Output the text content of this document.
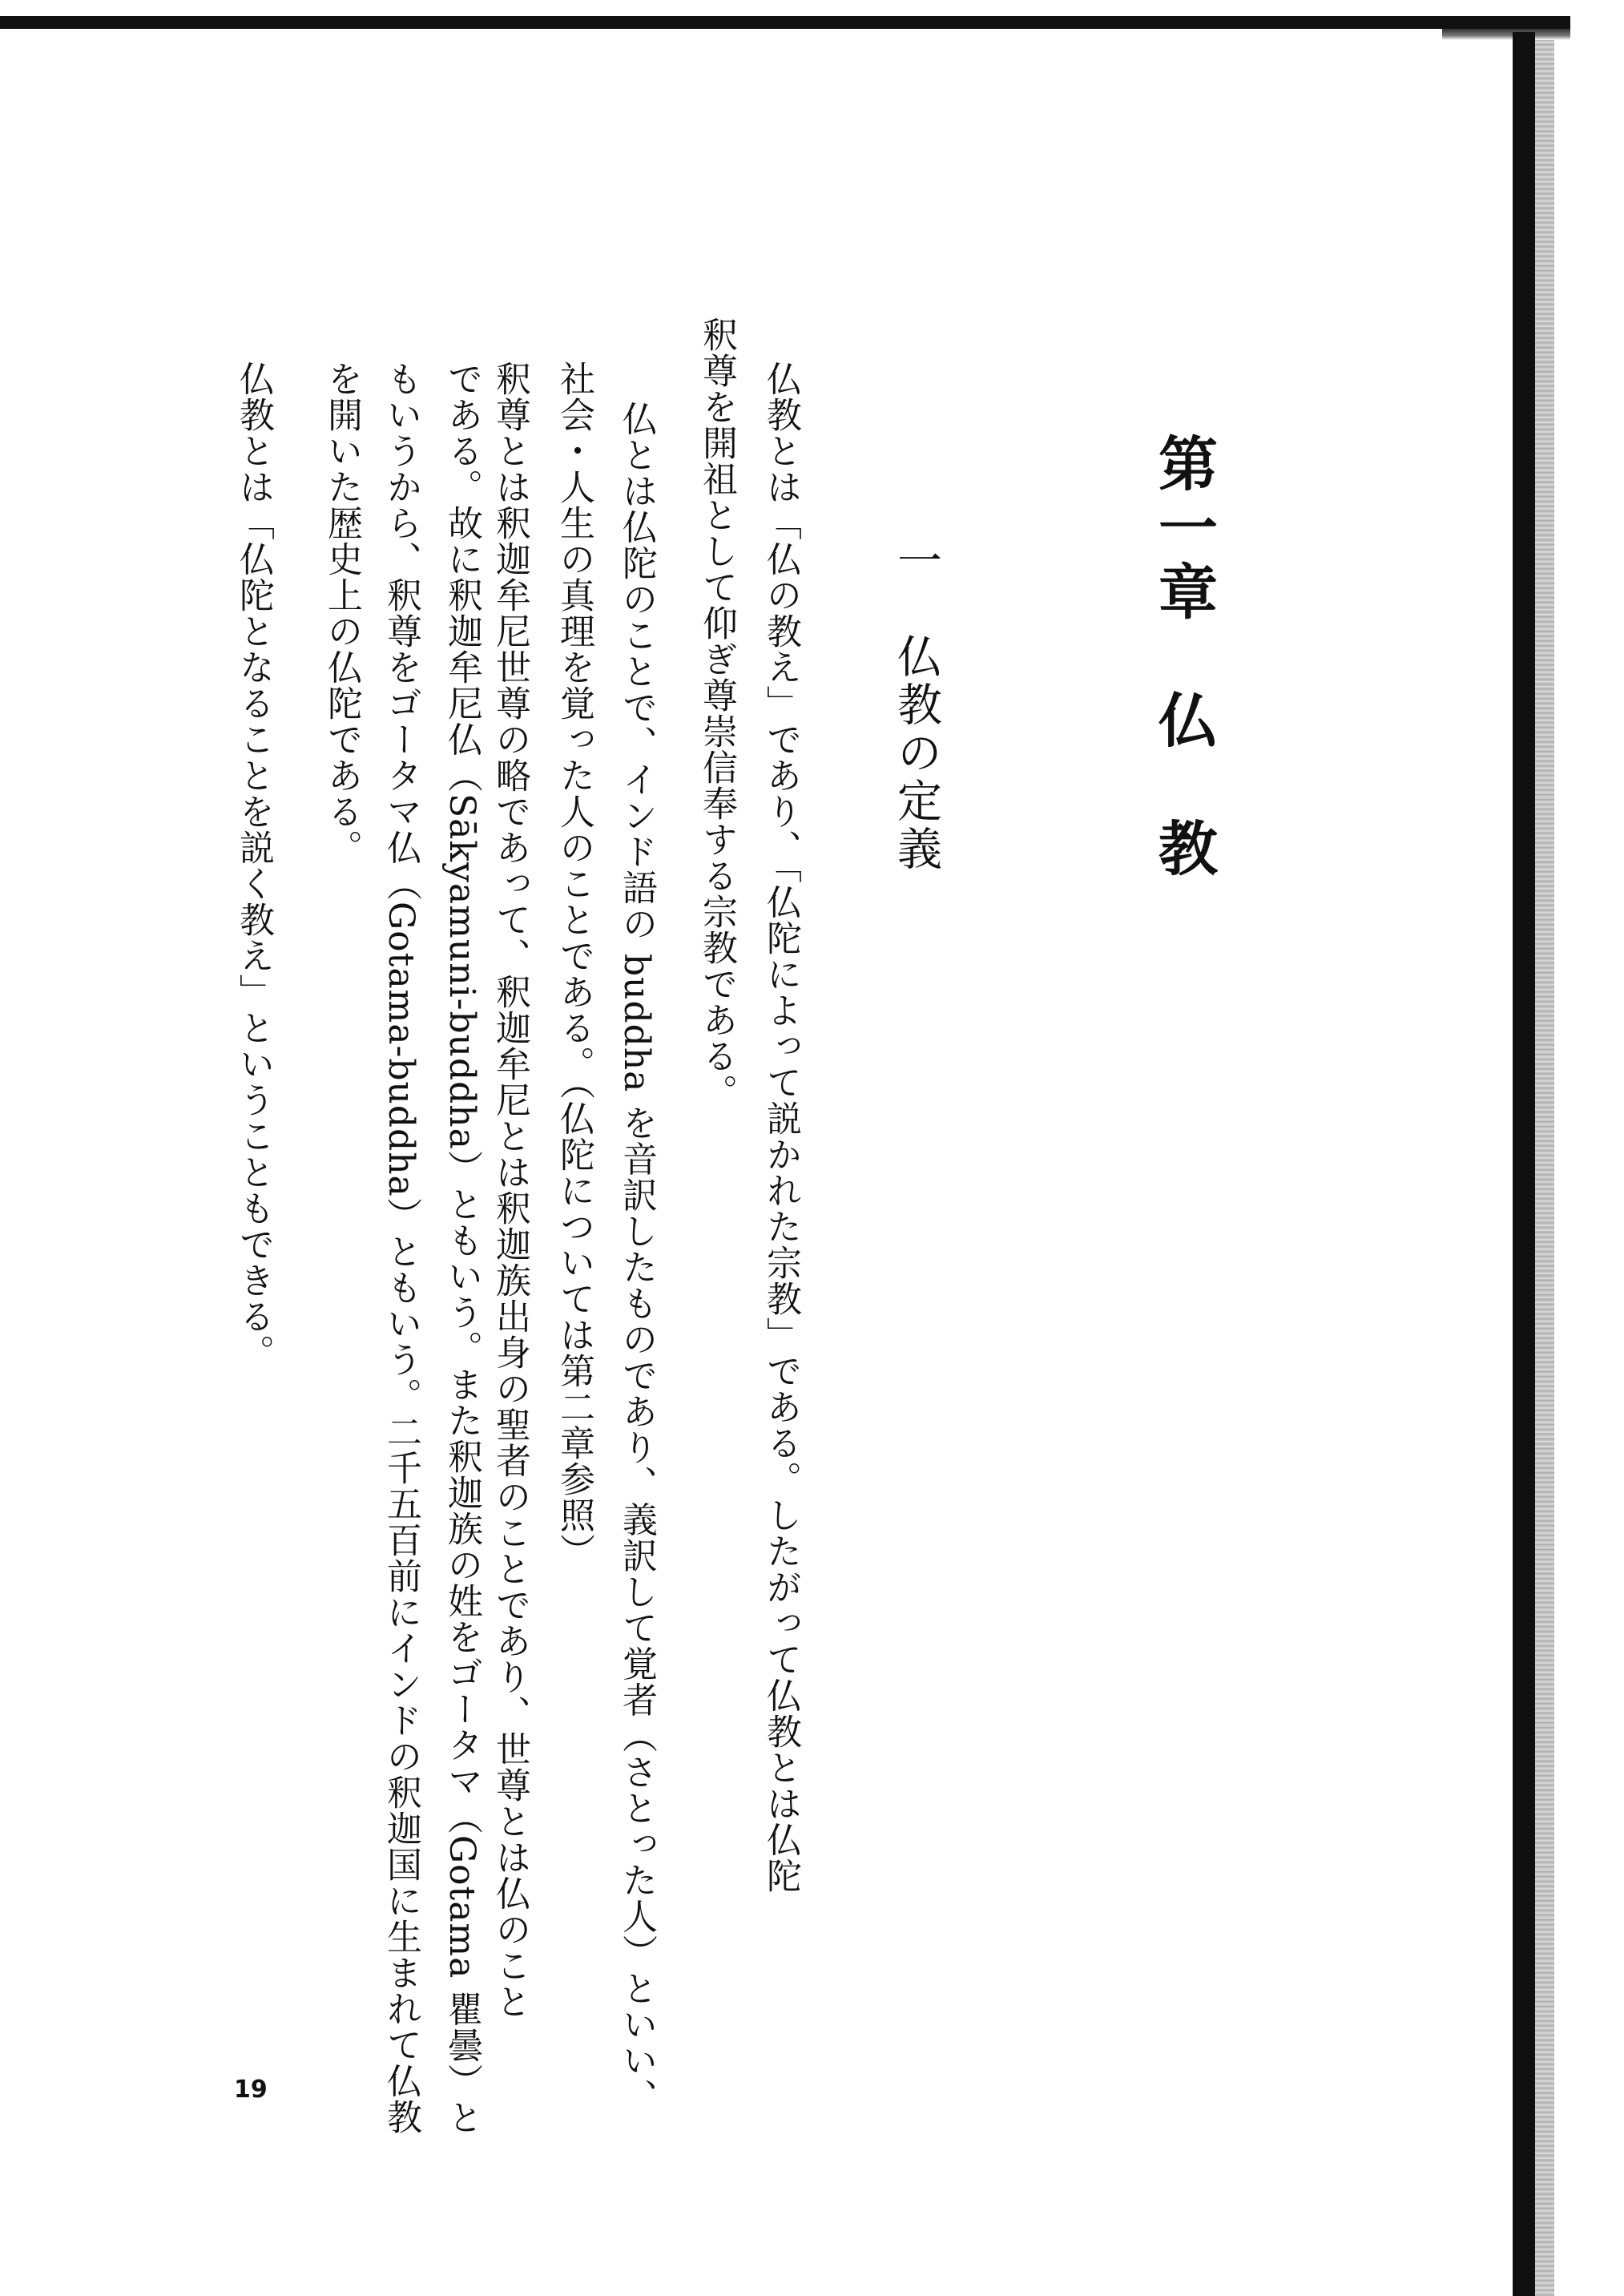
第一章　仏　教
一　仏教の定義
仏教とは「仏の教え」であり、「仏陀によって説かれた宗教」である。したがって仏教とは仏陀
釈尊を開祖として仰ぎ尊崇信奉する宗教である。
仏とは仏陀のことで、インド語の buddha を音訳したものであり、義訳して覚者（さとった人）といい、
社会・人生の真理を覚った人のことである。（仏陀については第二章参照）
釈尊とは釈迦牟尼世尊の略であって、釈迦牟尼とは釈迦族出身の聖者のことであり、世尊とは仏のこと
である。故に釈迦牟尼仏（Sākyamuni-buddha）ともいう。また釈迦族の姓をゴータマ（Gotama 瞿曇）と
もいうから、釈尊をゴータマ仏（Gotama-buddha）ともいう。二千五百前にインドの釈迦国に生まれて仏教
を開いた歴史上の仏陀である。
仏教とは「仏陀となることを説く教え」ということもできる。
19
